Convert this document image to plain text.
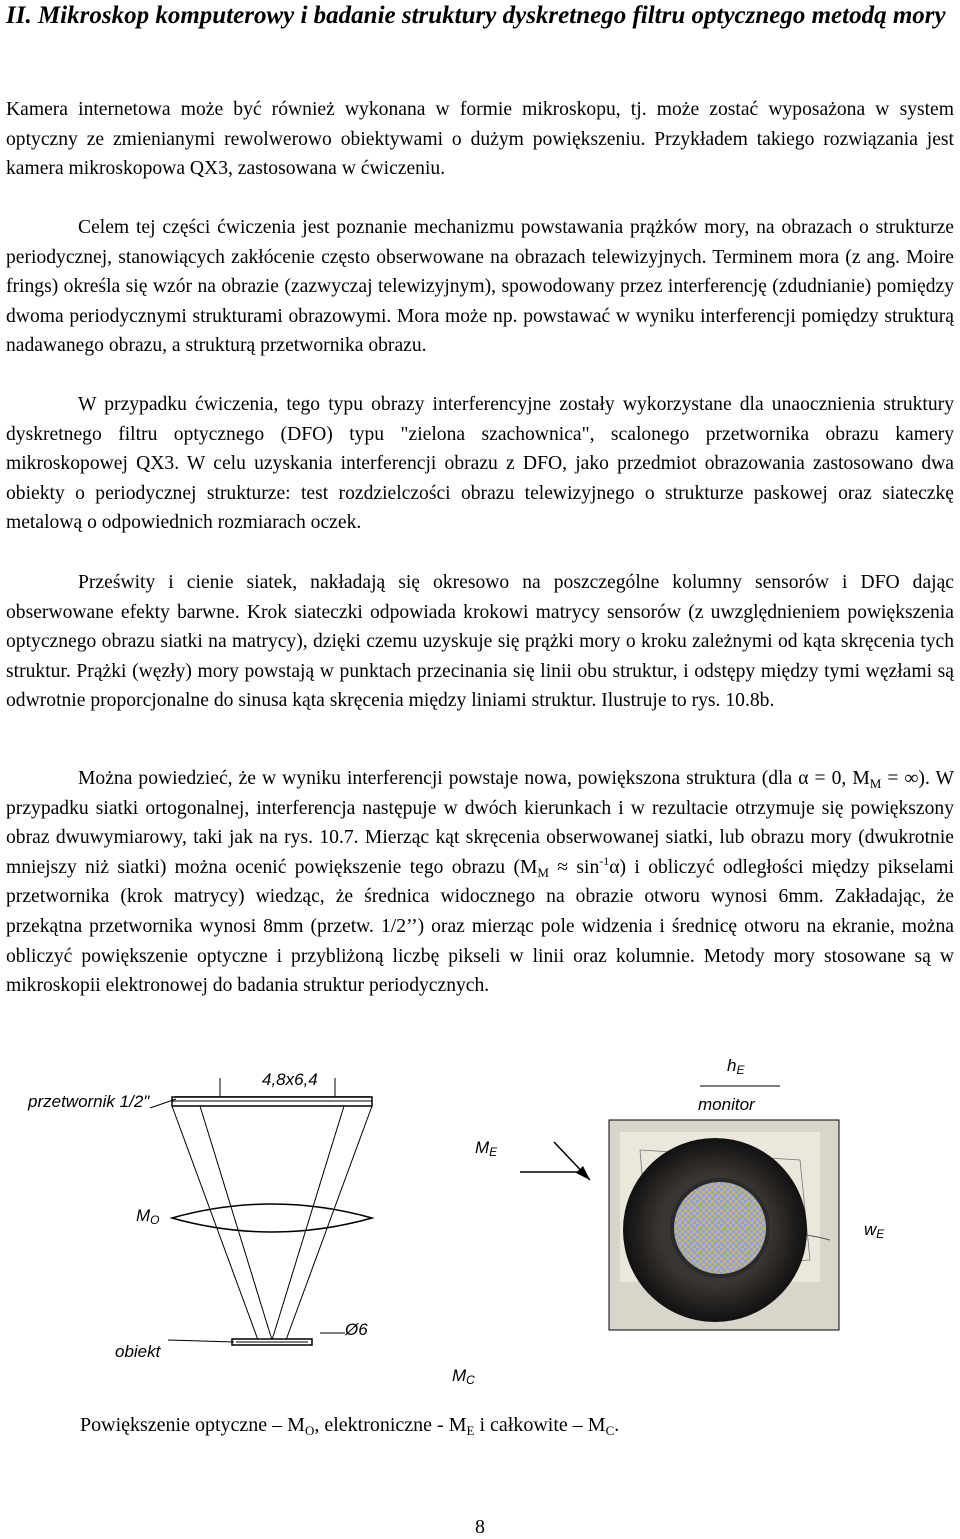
II. Mikroskop komputerowy i badanie struktury dyskretnego filtru optycznego metodą mory

Kamera internetowa może być również wykonana w formie mikroskopu, tj. może zostać wyposażona w system optyczny ze zmienianymi rewolwerowo obiektywami o dużym powiększeniu. Przykładem takiego rozwiązania jest kamera mikroskopowa QX3, zastosowana w ćwiczeniu.

Celem tej części ćwiczenia jest poznanie mechanizmu powstawania prążków mory, na obrazach o strukturze periodycznej, stanowiących zakłócenie często obserwowane na obrazach telewizyjnych. Terminem mora (z ang. Moire frings) określa się wzór na obrazie (zazwyczaj telewizyjnym), spowodowany przez interferencję (zdudnianie) pomiędzy dwoma periodycznymi strukturami obrazowymi. Mora może np. powstawać w wyniku interferencji pomiędzy strukturą nadawanego obrazu, a strukturą przetwornika obrazu.

W przypadku ćwiczenia, tego typu obrazy interferencyjne zostały wykorzystane dla unaocznienia struktury dyskretnego filtru optycznego (DFO) typu "zielona szachownica", scalonego przetwornika obrazu kamery mikroskopowej QX3. W celu uzyskania interferencji obrazu z DFO, jako przedmiot obrazowania zastosowano dwa obiekty o periodycznej strukturze: test rozdzielczości obrazu telewizyjnego o strukturze paskowej oraz siateczkę metalową o odpowiednich rozmiarach oczek.

Prześwity i cienie siatek, nakładają się okresowo na poszczególne kolumny sensorów i DFO dając obserwowane efekty barwne. Krok siateczki odpowiada krokowi matrycy sensorów (z uwzględnieniem powiększenia optycznego obrazu siatki na matrycy), dzięki czemu uzyskuje się prążki mory o kroku zależnymi od kąta skręcenia tych struktur. Prążki (węzły) mory powstają w punktach przecinania się linii obu struktur, i odstępy między tymi węzłami są odwrotnie proporcjonalne do sinusa kąta skręcenia między liniami struktur. Ilustruje to rys. 10.8b.

Można powiedzieć, że w wyniku interferencji powstaje nowa, powiększona struktura (dla α = 0, $M_M$ = ∞). W przypadku siatki ortogonalnej, interferencja następuje w dwóch kierunkach i w rezultacie otrzymuje się powiększony obraz dwuwymiarowy, taki jak na rys. 10.7. Mierząc kąt skręcenia obserwowanej siatki, lub obrazu mory (dwukrotnie mniejszy niż siatki) można ocenić powiększenie tego obrazu $(M_M \approx \sin^{-1}\alpha)$ i obliczyć odległości między pikselami przetwornika (krok matrycy) wiedząc, że średnica widocznego na obrazie otworu wynosi 6mm. Zakładając, że przekątna przetwornika wynosi 8mm (przetw. 1/2’’) oraz mierząc pole widzenia i średnicę otworu na ekranie, można obliczyć powiększenie optyczne i przybliżoną liczbę pikseli w linii oraz kolumnie. Metody mory stosowane są w mikroskopii elektronowej do badania struktur periodycznych.

przetwornik 1/2"
4,8x6,4
$M_O$
obiekt
Ø6
$M_C$
$M_E$
$h_E$
monitor
$w_E$
Powiększenie optyczne – $M_O$, elektroniczne - $M_E$ i całkowite – $M_C$.
8
